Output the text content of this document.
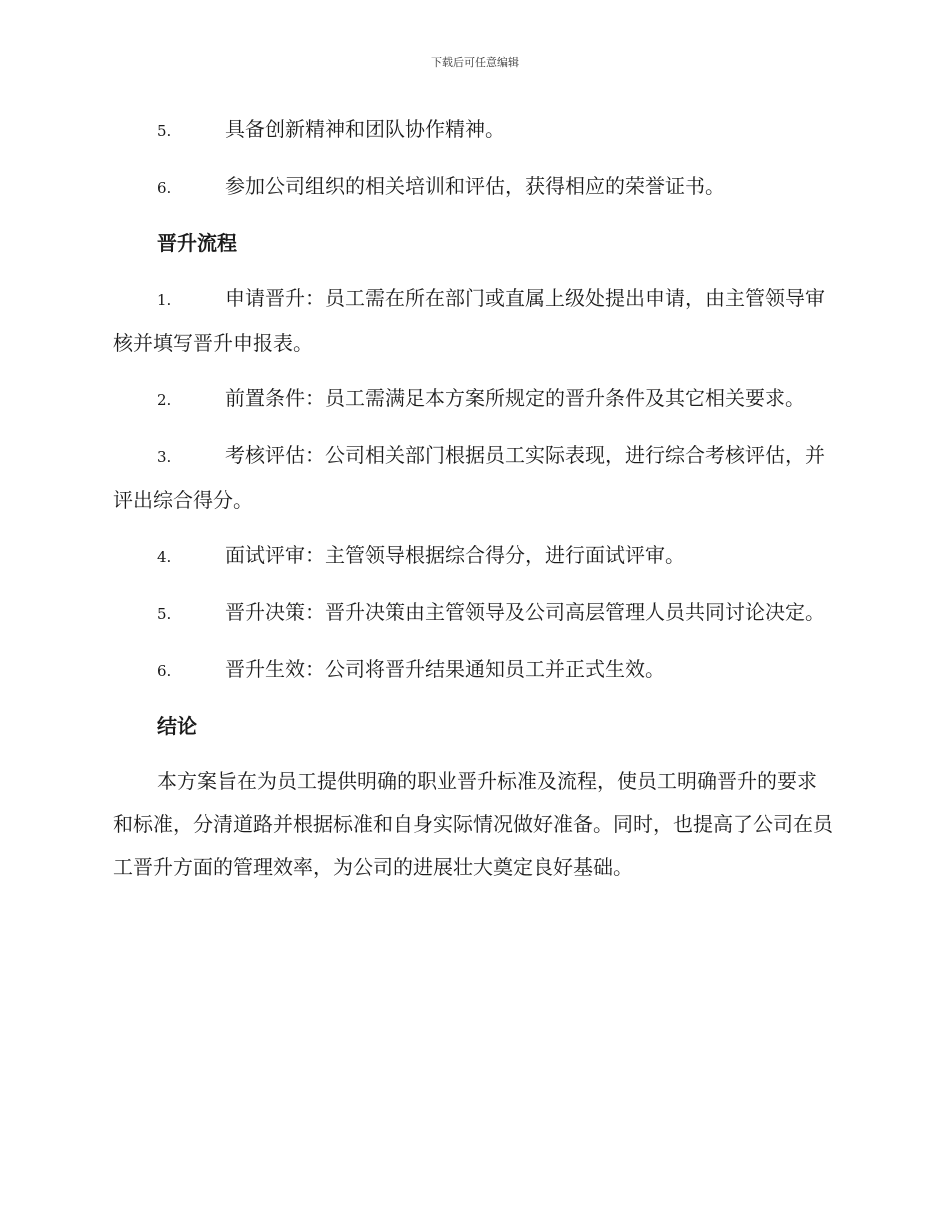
下载后可任意编辑
5.	具备创新精神和团队协作精神。
6.	参加公司组织的相关培训和评估，获得相应的荣誉证书。
晋升流程
1.	申请晋升：员工需在所在部门或直属上级处提出申请，由主管领导审核并填写晋升申报表。
2.	前置条件：员工需满足本方案所规定的晋升条件及其它相关要求。
3.	考核评估：公司相关部门根据员工实际表现，进行综合考核评估，并评出综合得分。
4.	面试评审：主管领导根据综合得分，进行面试评审。
5.	晋升决策：晋升决策由主管领导及公司高层管理人员共同讨论决定。
6.	晋升生效：公司将晋升结果通知员工并正式生效。
结论
本方案旨在为员工提供明确的职业晋升标准及流程，使员工明确晋升的要求和标准，分清道路并根据标准和自身实际情况做好准备。同时，也提高了公司在员工晋升方面的管理效率，为公司的进展壮大奠定良好基础。
